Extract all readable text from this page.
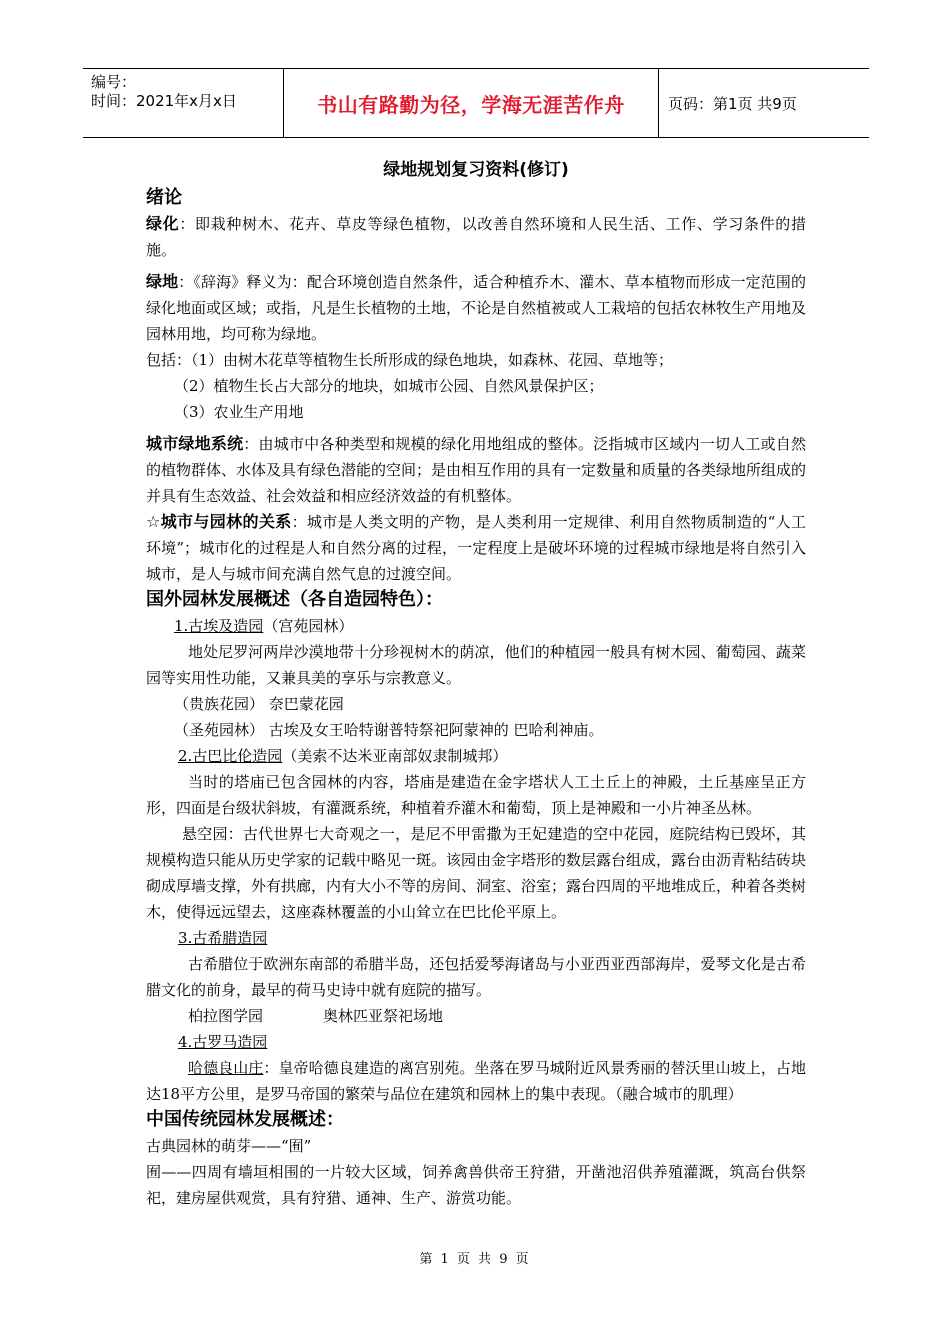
编号：
时间：2021年x月x日	书山有路勤为径，学海无涯苦作舟	页码：第1页 共9页
绿地规划复习资料(修订)
绪论

绿化：即栽种树木、花卉、草皮等绿色植物，以改善自然环境和人民生活、工作、学习条件的措施。

绿地：《辞海》释义为：配合环境创造自然条件，适合种植乔木、灌木、草本植物而形成一定范围的绿化地面或区域；或指，凡是生长植物的土地，不论是自然植被或人工栽培的包括农林牧生产用地及园林用地，均可称为绿地。

包括：（1）由树木花草等植物生长所形成的绿色地块，如森林、花园、草地等；

（2）植物生长占大部分的地块，如城市公园、自然风景保护区；

（3）农业生产用地

城市绿地系统：由城市中各种类型和规模的绿化用地组成的整体。泛指城市区域内一切人工或自然的植物群体、水体及具有绿色潜能的空间；是由相互作用的具有一定数量和质量的各类绿地所组成的并具有生态效益、社会效益和相应经济效益的有机整体。

☆城市与园林的关系：城市是人类文明的产物，是人类利用一定规律、利用自然物质制造的“人工环境”；城市化的过程是人和自然分离的过程，一定程度上是破坏环境的过程城市绿地是将自然引入城市，是人与城市间充满自然气息的过渡空间。

国外园林发展概述（各自造园特色）：

1.古埃及造园（宫苑园林）

地处尼罗河两岸沙漠地带十分珍视树木的荫凉，他们的种植园一般具有树木园、葡萄园、蔬菜园等实用性功能，又兼具美的享乐与宗教意义。

（贵族花园） 奈巴蒙花园

（圣苑园林） 古埃及女王哈特谢普特祭祀阿蒙神的 巴哈利神庙。

2.古巴比伦造园（美索不达米亚南部奴隶制城邦）

当时的塔庙已包含园林的内容，塔庙是建造在金字塔状人工土丘上的神殿，土丘基座呈正方形，四面是台级状斜坡，有灌溉系统，种植着乔灌木和葡萄，顶上是神殿和一小片神圣丛林。

悬空园：古代世界七大奇观之一，是尼不甲雷撒为王妃建造的空中花园，庭院结构已毁坏，其规模构造只能从历史学家的记载中略见一斑。该园由金字塔形的数层露台组成，露台由沥青粘结砖块砌成厚墙支撑，外有拱廊，内有大小不等的房间、洞室、浴室；露台四周的平地堆成丘，种着各类树木，使得远远望去，这座森林覆盖的小山耸立在巴比伦平原上。

3.古希腊造园

古希腊位于欧洲东南部的希腊半岛，还包括爱琴海诸岛与小亚西亚西部海岸，爱琴文化是古希腊文化的前身，最早的荷马史诗中就有庭院的描写。

柏拉图学园	奥林匹亚祭祀场地

4.古罗马造园

哈德良山庄：皇帝哈德良建造的离宫别苑。坐落在罗马城附近风景秀丽的替沃里山坡上，占地达18平方公里，是罗马帝国的繁荣与品位在建筑和园林上的集中表现。（融合城市的肌理）

中国传统园林发展概述：

古典园林的萌芽——“囿”

囿——四周有墙垣相围的一片较大区域，饲养禽兽供帝王狩猎，开凿池沼供养殖灌溉，筑高台供祭祀，建房屋供观赏，具有狩猎、通神、生产、游赏功能。

第 1 页 共 9 页
